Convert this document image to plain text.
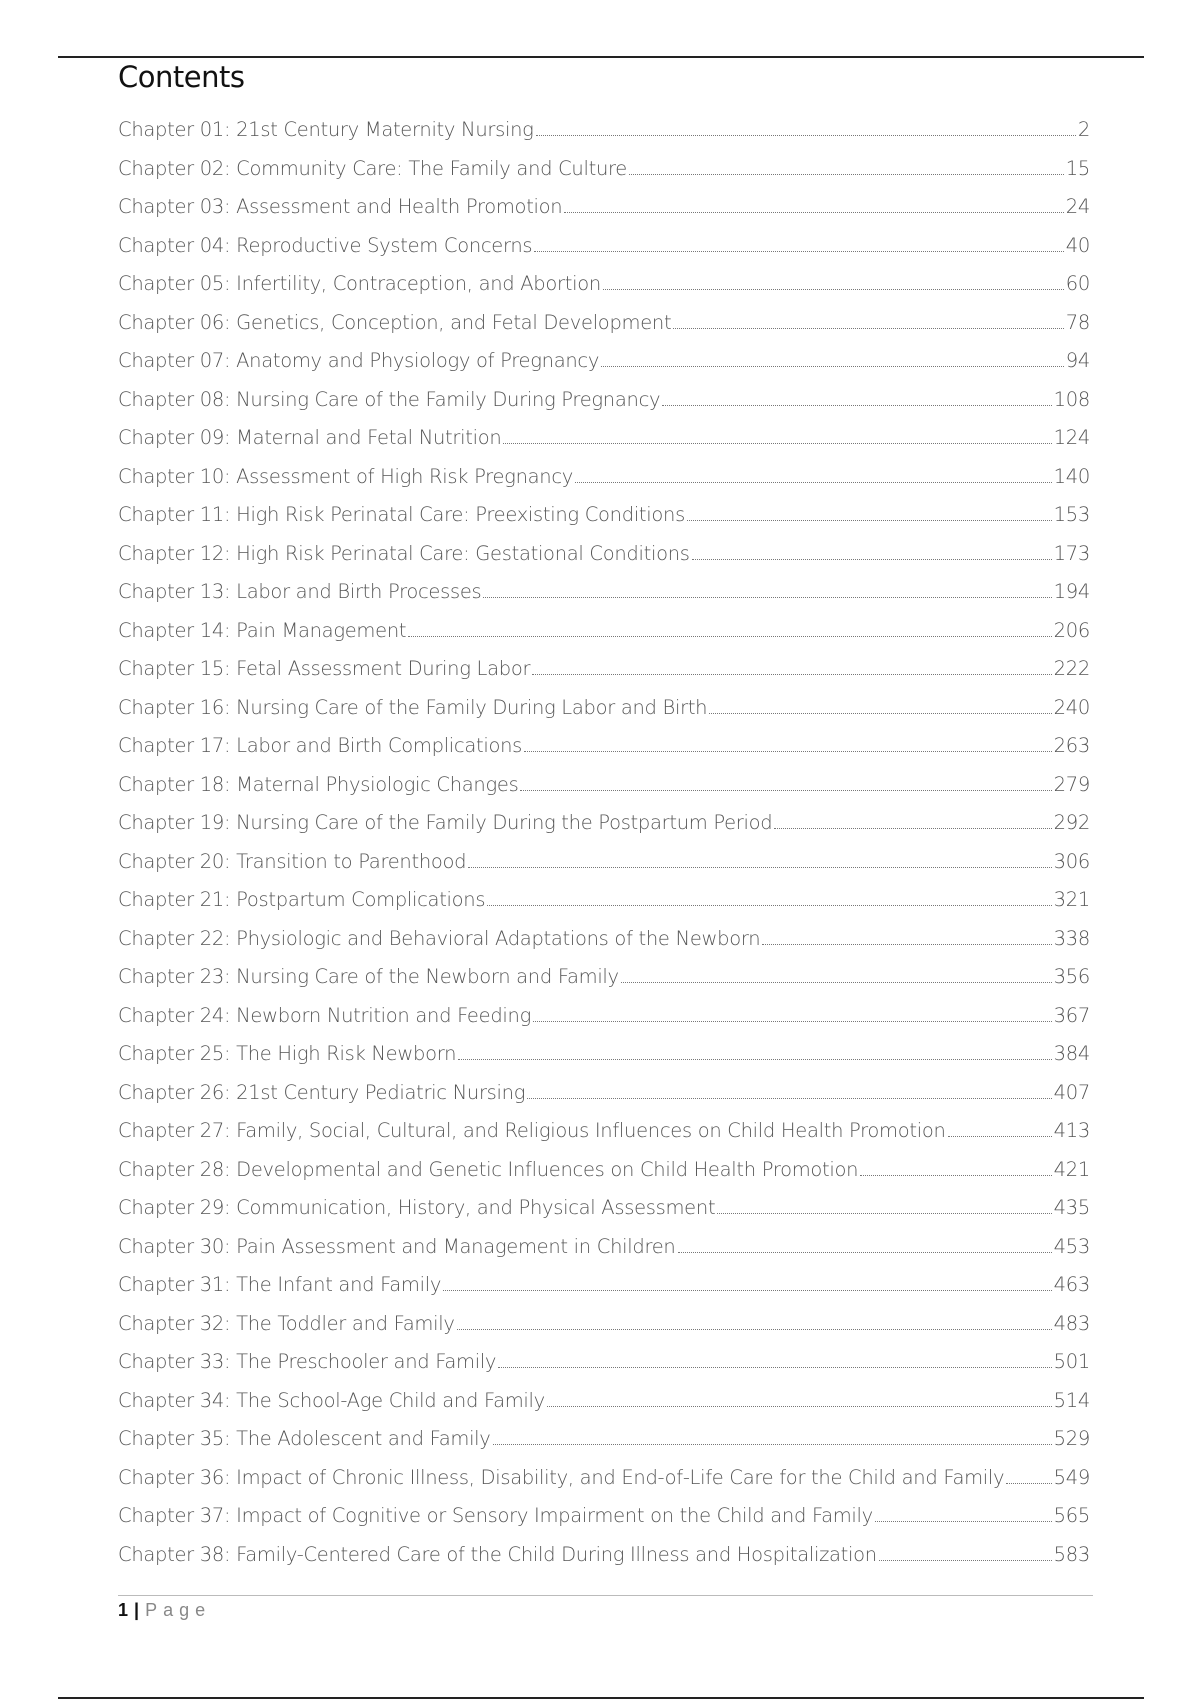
Contents
Chapter 01: 21st Century Maternity Nursing	2
Chapter 02: Community Care: The Family and Culture	15
Chapter 03: Assessment and Health Promotion	24
Chapter 04: Reproductive System Concerns	40
Chapter 05: Infertility, Contraception, and Abortion	60
Chapter 06: Genetics, Conception, and Fetal Development	78
Chapter 07: Anatomy and Physiology of Pregnancy	94
Chapter 08: Nursing Care of the Family During Pregnancy	108
Chapter 09: Maternal and Fetal Nutrition	124
Chapter 10: Assessment of High Risk Pregnancy	140
Chapter 11: High Risk Perinatal Care: Preexisting Conditions	153
Chapter 12: High Risk Perinatal Care: Gestational Conditions	173
Chapter 13: Labor and Birth Processes	194
Chapter 14: Pain Management	206
Chapter 15: Fetal Assessment During Labor	222
Chapter 16: Nursing Care of the Family During Labor and Birth	240
Chapter 17: Labor and Birth Complications	263
Chapter 18: Maternal Physiologic Changes	279
Chapter 19: Nursing Care of the Family During the Postpartum Period	292
Chapter 20: Transition to Parenthood	306
Chapter 21: Postpartum Complications	321
Chapter 22: Physiologic and Behavioral Adaptations of the Newborn	338
Chapter 23: Nursing Care of the Newborn and Family	356
Chapter 24: Newborn Nutrition and Feeding	367
Chapter 25: The High Risk Newborn	384
Chapter 26: 21st Century Pediatric Nursing	407
Chapter 27: Family, Social, Cultural, and Religious Influences on Child Health Promotion	413
Chapter 28: Developmental and Genetic Influences on Child Health Promotion	421
Chapter 29: Communication, History, and Physical Assessment	435
Chapter 30: Pain Assessment and Management in Children	453
Chapter 31: The Infant and Family	463
Chapter 32: The Toddler and Family	483
Chapter 33: The Preschooler and Family	501
Chapter 34: The School-Age Child and Family	514
Chapter 35: The Adolescent and Family	529
Chapter 36: Impact of Chronic Illness, Disability, and End-of-Life Care for the Child and Family	549
Chapter 37: Impact of Cognitive or Sensory Impairment on the Child and Family	565
Chapter 38: Family-Centered Care of the Child During Illness and Hospitalization	583
1 | Page
